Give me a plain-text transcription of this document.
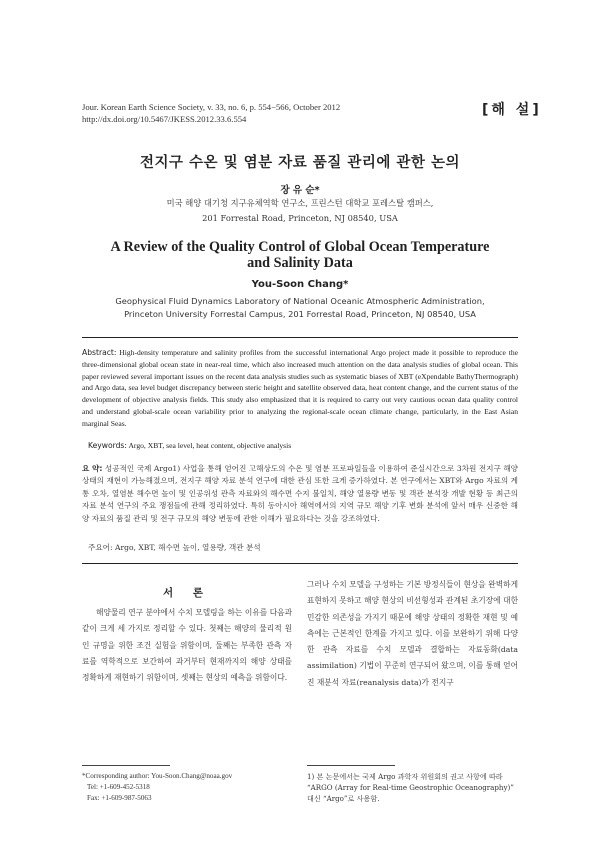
Jour. Korean Earth Science Society, v. 33, no. 6, p. 554−566, October 2012
http://dx.doi.org/10.5467/JKESS.2012.33.6.554
[해 설]
전지구 수온 및 염분 자료 품질 관리에 관한 논의
장 유 순*
미국 해양 대기청 지구유체역학 연구소, 프린스턴 대학교 포레스탈 캠퍼스,
201 Forrestal Road, Princeton, NJ 08540, USA
A Review of the Quality Control of Global Ocean Temperature
and Salinity Data
You-Soon Chang*
Geophysical Fluid Dynamics Laboratory of National Oceanic Atmospheric Administration,
Princeton University Forrestal Campus, 201 Forrestal Road, Princeton, NJ 08540, USA
Abstract: High-density temperature and salinity profiles from the successful international Argo project made it possible to reproduce the three-dimensional global ocean state in near-real time, which also increased much attention on the data analysis studies of global ocean. This paper reviewed several important issues on the recent data analysis studies such as systematic biases of XBT (eXpendable BathyThermograph) and Argo data, sea level budget discrepancy between steric height and satellite observed data, heat content change, and the current status of the development of objective analysis fields. This study also emphasized that it is required to carry out very cautious ocean data quality control and understand global-scale ocean variability prior to analyzing the regional-scale ocean climate change, particularly, in the East Asian marginal Seas.
Keywords: Argo, XBT, sea level, heat content, objective analysis
요 약: 성공적인 국제 Argo1) 사업을 통해 얻어진 고해상도의 수온 및 염분 프로파일들을 이용하여 준실시간으로 3차원 전지구 해양 상태의 재현이 가능해졌으며, 전지구 해양 자료 분석 연구에 대한 관심 또한 크게 증가하였다. 본 연구에서는 XBT와 Argo 자료의 계통 오차, 열염분 해수면 높이 및 인공위성 관측 자료와의 해수면 수지 불일치, 해양 열용량 변동 및 객관 분석장 개발 현황 등 최근의 자료 분석 연구의 주요 쟁점들에 관해 정리하였다. 특히 동아시아 해역에서의 지역 규모 해양 기후 변화 분석에 앞서 매우 신중한 해양 자료의 품질 관리 및 전구 규모의 해양 변동에 관한 이해가 필요하다는 것을 강조하였다.
주요어: Argo, XBT, 해수면 높이, 열용량, 객관 분석
서 론
해양물리 연구 분야에서 수치 모델링을 하는 이유를 다음과 같이 크게 세 가지로 정리할 수 있다. 첫째는 해양의 물리적 원인 규명을 위한 조건 실험을 위함이며, 둘째는 부족한 관측 자료를 역학적으로 보간하여 과거부터 현재까지의 해양 상태를 정확하게 재현하기 위함이며, 셋째는 현상의 예측을 위함이다.
그러나 수치 모델을 구성하는 기본 방정식들이 현상을 완벽하게 표현하지 못하고 해양 현상의 비선형성과 관계된 초기장에 대한 민감한 의존성을 가지기 때문에 해양 상태의 정확한 재현 및 예측에는 근본적인 한계를 가지고 있다. 이를 보완하기 위해 다양한 관측 자료를 수치 모델과 결합하는 자료동화(data assimilation) 기법이 꾸준히 연구되어 왔으며, 이를 통해 얻어진 재분석 자료(reanalysis data)가 전지구
*Corresponding author: You-Soon.Chang@noaa.gov
Tel: +1-609-452-5318
Fax: +1-609-987-5063
1) 본 논문에서는 국제 Argo 과학자 위원회의 권고 사항에 따라 “ARGO (Array for Real-time Geostrophic Oceanography)”
대신 “Argo”로 사용함.
